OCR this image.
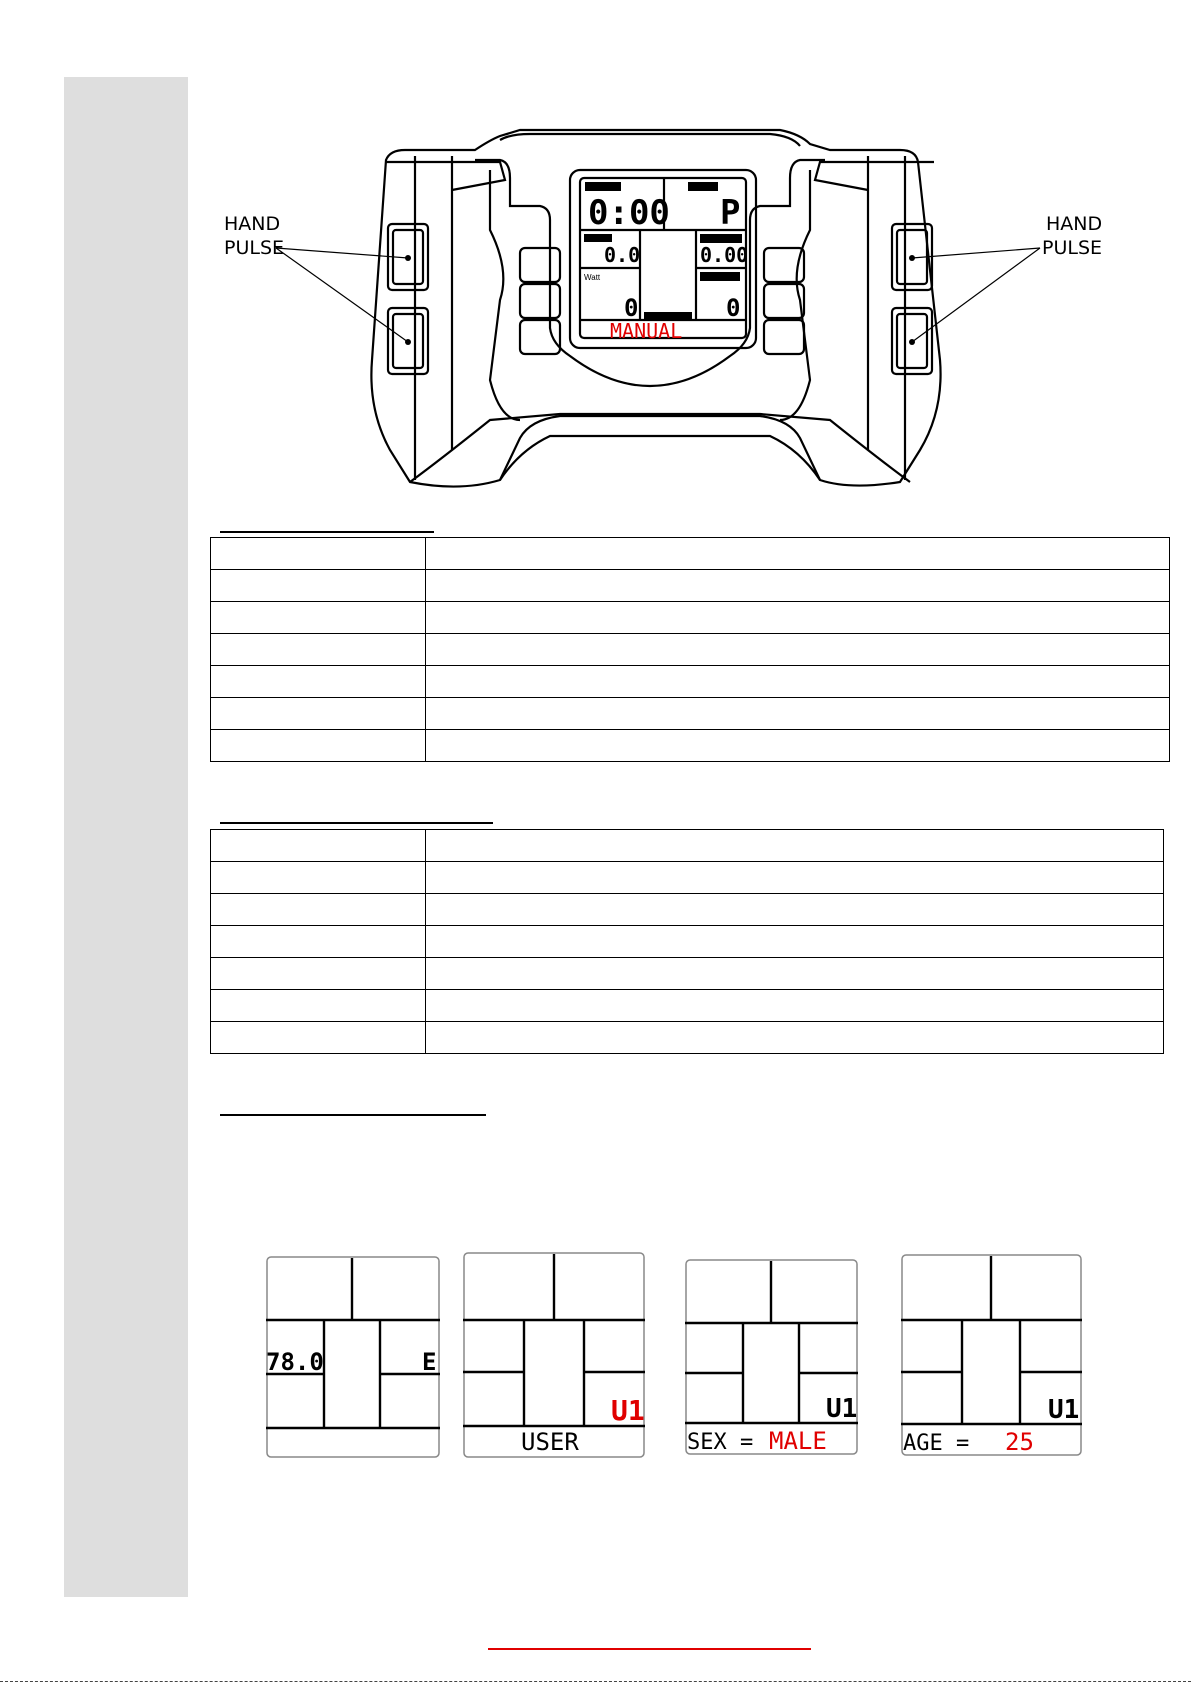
0:00 P
0.0	0.00
Watt
0	0
MANUAL
HAND
PULSE
HAND
PULSE

78.0	E
U1
USER
U1
SEX = MALE
U1
AGE = 25
